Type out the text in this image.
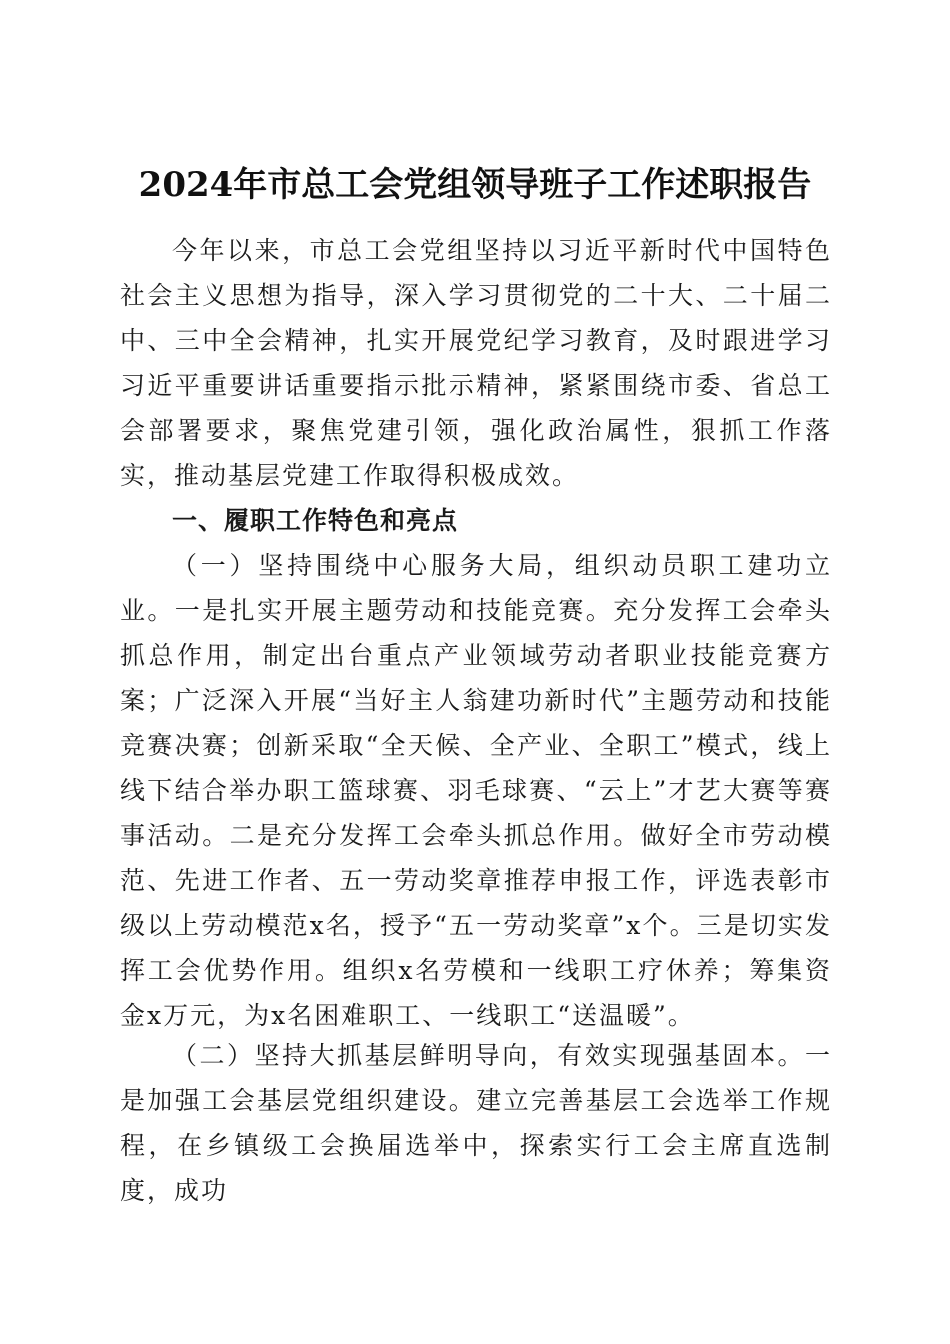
2024年市总工会党组领导班子工作述职报告

今年以来，市总工会党组坚持以习近平新时代中国特色社会主义思想为指导，深入学习贯彻党的二十大、二十届二中、三中全会精神，扎实开展党纪学习教育，及时跟进学习习近平重要讲话重要指示批示精神，紧紧围绕市委、省总工会部署要求，聚焦党建引领，强化政治属性，狠抓工作落实，推动基层党建工作取得积极成效。

一、履职工作特色和亮点

（一）坚持围绕中心服务大局，组织动员职工建功立业。一是扎实开展主题劳动和技能竞赛。充分发挥工会牵头抓总作用，制定出台重点产业领域劳动者职业技能竞赛方案；广泛深入开展“当好主人翁建功新时代”主题劳动和技能竞赛决赛；创新采取“全天候、全产业、全职工”模式，线上线下结合举办职工篮球赛、羽毛球赛、“云上”才艺大赛等赛事活动。二是充分发挥工会牵头抓总作用。做好全市劳动模范、先进工作者、五一劳动奖章推荐申报工作，评选表彰市级以上劳动模范x名，授予“五一劳动奖章”x个。三是切实发挥工会优势作用。组织x名劳模和一线职工疗休养；筹集资金x万元，为x名困难职工、一线职工“送温暖”。

（二）坚持大抓基层鲜明导向，有效实现强基固本。一是加强工会基层党组织建设。建立完善基层工会选举工作规程，在乡镇级工会换届选举中，探索实行工会主席直选制度，成功
